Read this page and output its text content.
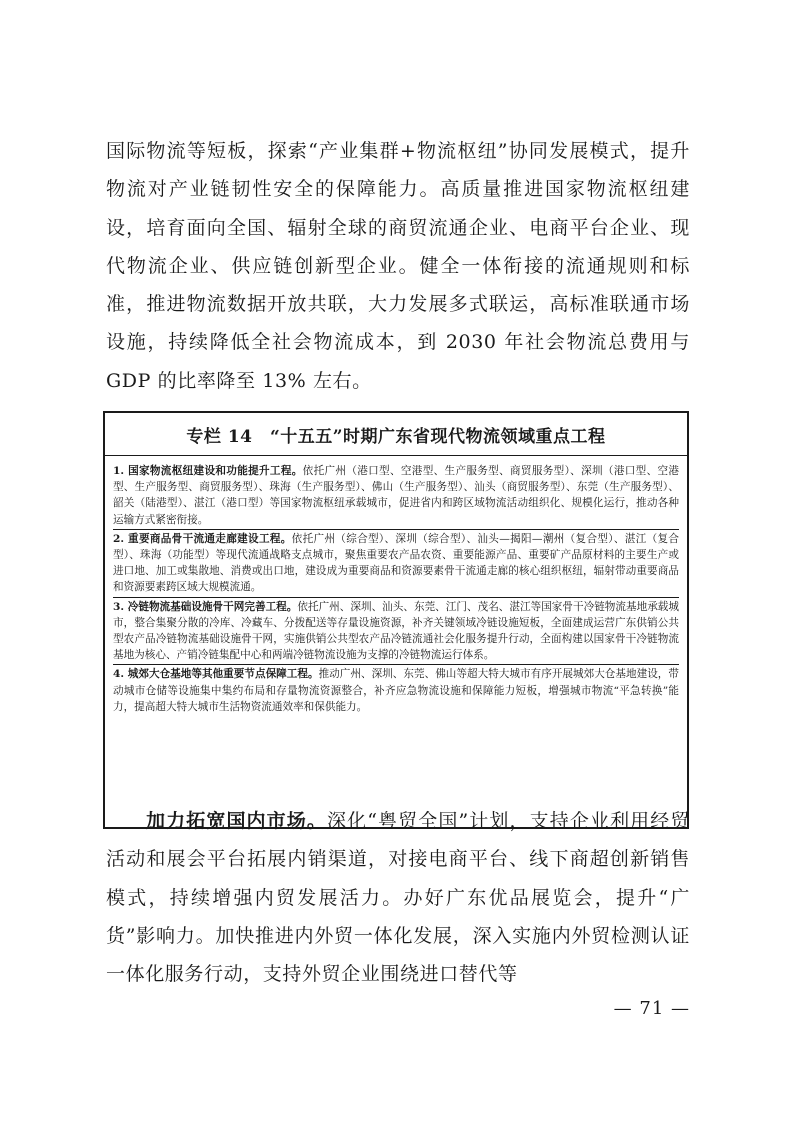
国际物流等短板，探索“产业集群+物流枢纽”协同发展模式，提升物流对产业链韧性安全的保障能力。高质量推进国家物流枢纽建设，培育面向全国、辐射全球的商贸流通企业、电商平台企业、现代物流企业、供应链创新型企业。健全一体衔接的流通规则和标准，推进物流数据开放共联，大力发展多式联运，高标准联通市场设施，持续降低全社会物流成本，到 2030 年社会物流总费用与 GDP 的比率降至 13% 左右。

专栏 14　“十五五”时期广东省现代物流领域重点工程
1. 国家物流枢纽建设和功能提升工程。依托广州（港口型、空港型、生产服务型、商贸服务型）、深圳（港口型、空港型、生产服务型、商贸服务型）、珠海（生产服务型）、佛山（生产服务型）、汕头（商贸服务型）、东莞（生产服务型）、韶关（陆港型）、湛江（港口型）等国家物流枢纽承载城市，促进省内和跨区域物流活动组织化、规模化运行，推动各种运输方式紧密衔接。
2. 重要商品骨干流通走廊建设工程。依托广州（综合型）、深圳（综合型）、汕头—揭阳—潮州（复合型）、湛江（复合型）、珠海（功能型）等现代流通战略支点城市，聚焦重要农产品农资、重要能源产品、重要矿产品原材料的主要生产或进口地、加工或集散地、消费或出口地，建设成为重要商品和资源要素骨干流通走廊的核心组织枢纽，辐射带动重要商品和资源要素跨区域大规模流通。
3. 冷链物流基础设施骨干网完善工程。依托广州、深圳、汕头、东莞、江门、茂名、湛江等国家骨干冷链物流基地承载城市，整合集聚分散的冷库、冷藏车、分拨配送等存量设施资源，补齐关键领域冷链设施短板，全面建成运营广东供销公共型农产品冷链物流基础设施骨干网，实施供销公共型农产品冷链流通社会化服务提升行动，全面构建以国家骨干冷链物流基地为核心、产销冷链集配中心和两端冷链物流设施为支撑的冷链物流运行体系。
4. 城郊大仓基地等其他重要节点保障工程。推动广州、深圳、东莞、佛山等超大特大城市有序开展城郊大仓基地建设，带动城市仓储等设施集中集约布局和存量物流资源整合，补齐应急物流设施和保障能力短板，增强城市物流“平急转换”能力，提高超大特大城市生活物资流通效率和保供能力。

加力拓宽国内市场。深化“粤贸全国”计划，支持企业利用经贸活动和展会平台拓展内销渠道，对接电商平台、线下商超创新销售模式，持续增强内贸发展活力。办好广东优品展览会，提升“广货”影响力。加快推进内外贸一体化发展，深入实施内外贸检测认证一体化服务行动，支持外贸企业围绕进口替代等

— 71 —
